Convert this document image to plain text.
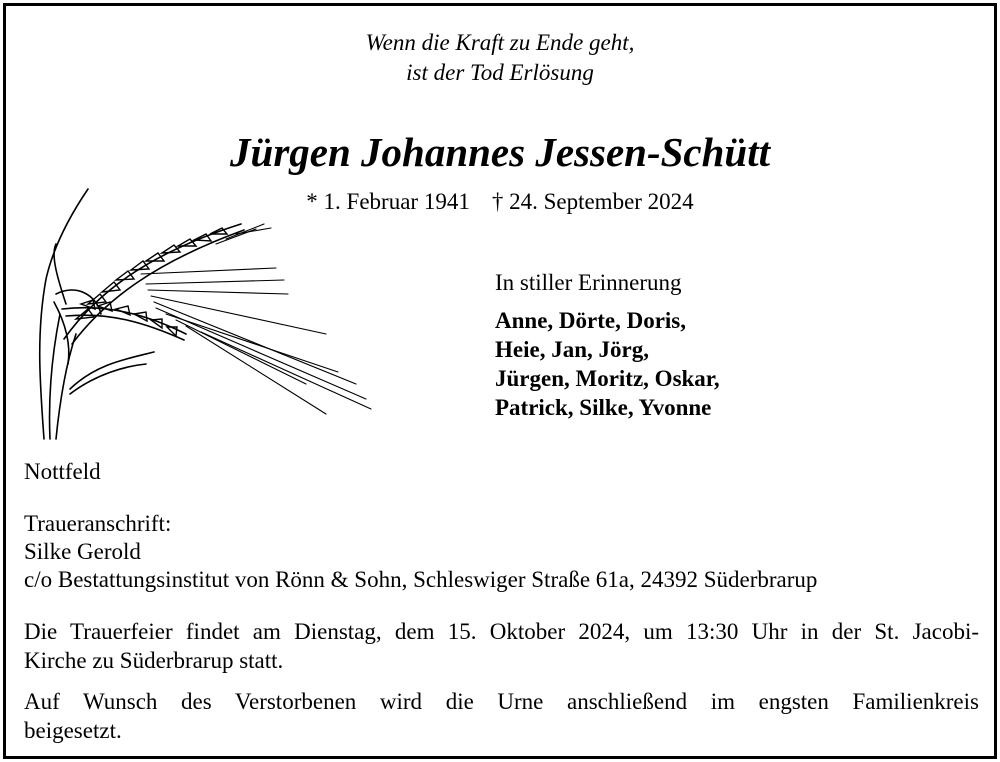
Wenn die Kraft zu Ende geht,

ist der Tod Erlösung

Jürgen Johannes Jessen-Schütt

* 1. Februar 1941 † 24. September 2024

In stiller Erinnerung

Anne, Dörte, Doris,

Heie, Jan, Jörg,

Jürgen, Moritz, Oskar,

Patrick, Silke, Yvonne

Nottfeld

Traueranschrift:

Silke Gerold

c/o Bestattungsinstitut von Rönn & Sohn, Schleswiger Straße 61a, 24392 Süderbrarup

Die Trauerfeier findet am Dienstag, dem 15. Oktober 2024, um 13:30 Uhr in der St. Jacobi-

Kirche zu Süderbrarup statt.

Auf Wunsch des Verstorbenen wird die Urne anschließend im engsten Familienkreis

beigesetzt.
